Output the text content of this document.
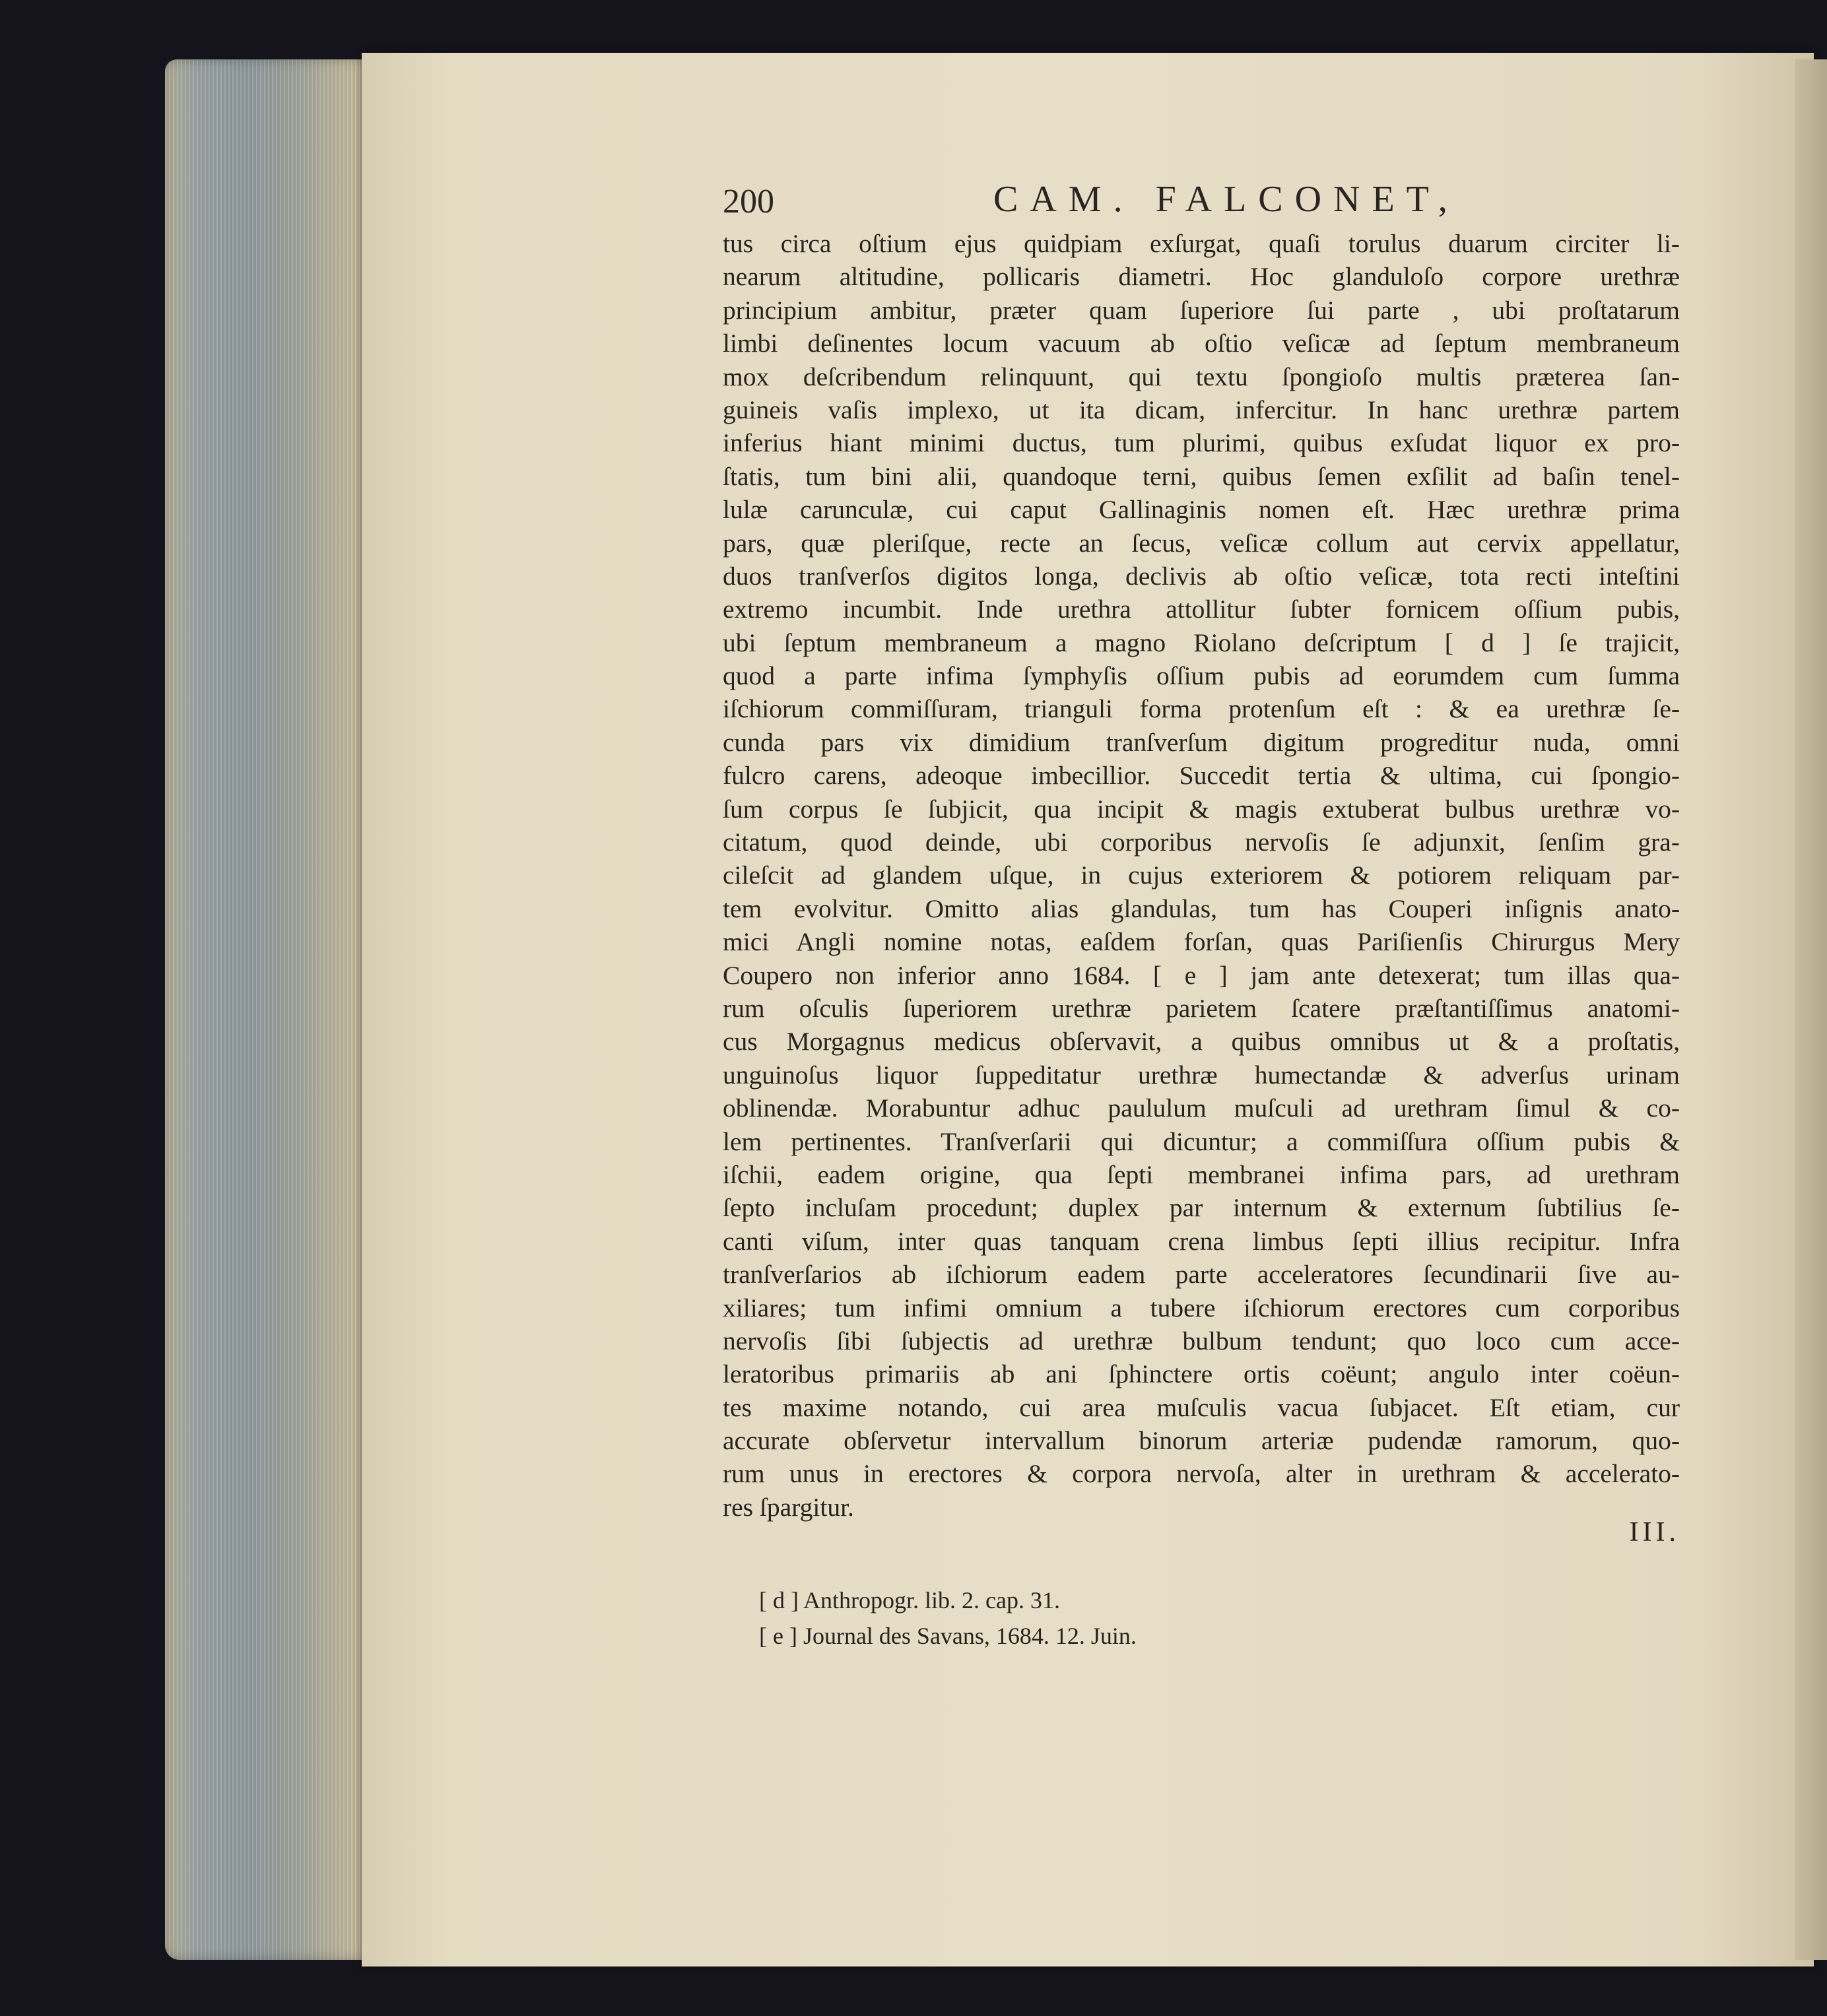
200	CAM. FALCONET,
tus circa oſtium ejus quidpiam exſurgat, quaſi torulus duarum circiter li-
nearum altitudine, pollicaris diametri. Hoc glanduloſo corpore urethræ
principium ambitur, præter quam ſuperiore ſui parte , ubi proſtatarum
limbi deſinentes locum vacuum ab oſtio veſicæ ad ſeptum membraneum
mox deſcribendum relinquunt, qui textu ſpongioſo multis præterea ſan-
guineis vaſis implexo, ut ita dicam, infercitur. In hanc urethræ partem
inferius hiant minimi ductus, tum plurimi, quibus exſudat liquor ex pro-
ſtatis, tum bini alii, quandoque terni, quibus ſemen exſilit ad baſin tenel-
lulæ carunculæ, cui caput Gallinaginis nomen eſt. Hæc urethræ prima
pars, quæ pleriſque, recte an ſecus, veſicæ collum aut cervix appellatur,
duos tranſverſos digitos longa, declivis ab oſtio veſicæ, tota recti inteſtini
extremo incumbit. Inde urethra attollitur ſubter fornicem oſſium pubis,
ubi ſeptum membraneum a magno Riolano deſcriptum [ d ] ſe trajicit,
quod a parte infima ſymphyſis oſſium pubis ad eorumdem cum ſumma
iſchiorum commiſſuram, trianguli forma protenſum eſt : & ea urethræ ſe-
cunda pars vix dimidium tranſverſum digitum progreditur nuda, omni
fulcro carens, adeoque imbecillior. Succedit tertia & ultima, cui ſpongio-
ſum corpus ſe ſubjicit, qua incipit & magis extuberat bulbus urethræ vo-
citatum, quod deinde, ubi corporibus nervoſis ſe adjunxit, ſenſim gra-
cileſcit ad glandem uſque, in cujus exteriorem & potiorem reliquam par-
tem evolvitur. Omitto alias glandulas, tum has Couperi inſignis anato-
mici Angli nomine notas, eaſdem forſan, quas Pariſienſis Chirurgus Mery
Coupero non inferior anno 1684. [ e ] jam ante detexerat; tum illas qua-
rum oſculis ſuperiorem urethræ parietem ſcatere præſtantiſſimus anatomi-
cus Morgagnus medicus obſervavit, a quibus omnibus ut & a proſtatis,
unguinoſus liquor ſuppeditatur urethræ humectandæ & adverſus urinam
oblinendæ. Morabuntur adhuc paululum muſculi ad urethram ſimul & co-
lem pertinentes. Tranſverſarii qui dicuntur; a commiſſura oſſium pubis &
iſchii, eadem origine, qua ſepti membranei infima pars, ad urethram
ſepto incluſam procedunt; duplex par internum & externum ſubtilius ſe-
canti viſum, inter quas tanquam crena limbus ſepti illius recipitur. Infra
tranſverſarios ab iſchiorum eadem parte acceleratores ſecundinarii ſive au-
xiliares; tum infimi omnium a tubere iſchiorum erectores cum corporibus
nervoſis ſibi ſubjectis ad urethræ bulbum tendunt; quo loco cum acce-
leratoribus primariis ab ani ſphinctere ortis coëunt; angulo inter coëun-
tes maxime notando, cui area muſculis vacua ſubjacet. Eſt etiam, cur
accurate obſervetur intervallum binorum arteriæ pudendæ ramorum, quo-
rum unus in erectores & corpora nervoſa, alter in urethram & accelerato-
res ſpargitur.
III.
[ d ] Anthropogr. lib. 2. cap. 31.
[ e ] Journal des Savans, 1684. 12. Juin.
